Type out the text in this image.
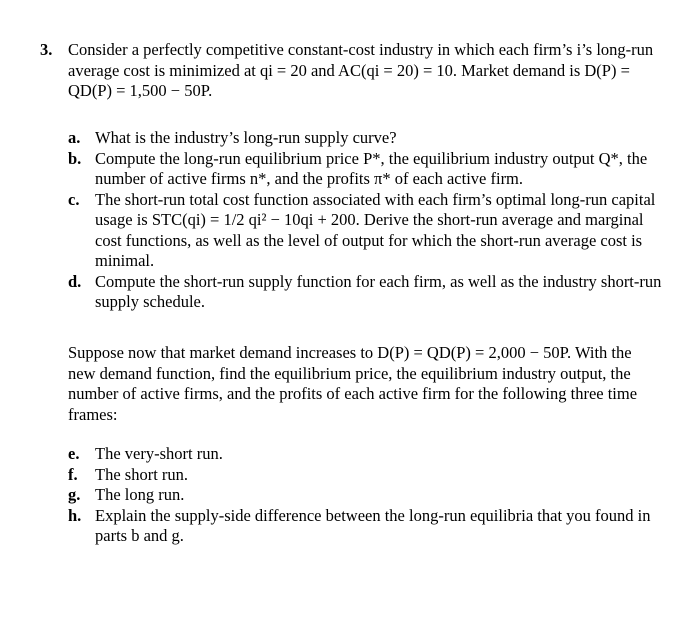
3. Consider a perfectly competitive constant-cost industry in which each firm’s i’s long-run average cost is minimized at qi = 20 and AC(qi = 20) = 10. Market demand is D(P) = QD(P) = 1,500 − 50P.
a. What is the industry’s long-run supply curve?
b. Compute the long-run equilibrium price P*, the equilibrium industry output Q*, the number of active firms n*, and the profits π* of each active firm.
c. The short-run total cost function associated with each firm’s optimal long-run capital usage is STC(qi) = 1/2 qi² − 10qi + 200. Derive the short-run average and marginal cost functions, as well as the level of output for which the short-run average cost is minimal.
d. Compute the short-run supply function for each firm, as well as the industry short-run supply schedule.
Suppose now that market demand increases to D(P) = QD(P) = 2,000 − 50P. With the new demand function, find the equilibrium price, the equilibrium industry output, the number of active firms, and the profits of each active firm for the following three time frames:
e. The very-short run.
f. The short run.
g. The long run.
h. Explain the supply-side difference between the long-run equilibria that you found in parts b and g.
